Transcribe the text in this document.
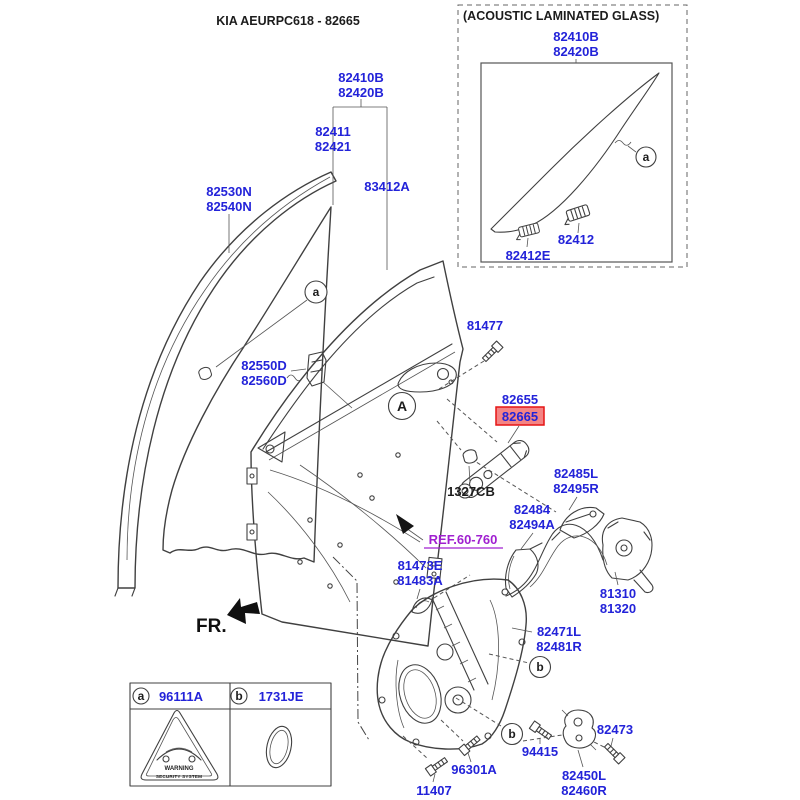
KIA AEURPC618 - 82665	(ACOUSTIC LAMINATED GLASS)
82410B
82420B
a
82412
82412E
82410B
82420B
82411
82421
83412A
82530N
82540N
a
82550D
82560D
A
81477
82655
82665
1327CB
82485L
82495R
82484
82494A
REF.60-760
81310
81320
81473E
81483A
82471L
82481R
b
b
94415
82450L
82460R
82473
96301A
11407
FR.
a 96111A	b 1731JE
WARNING
SECURITY SYSTEM
